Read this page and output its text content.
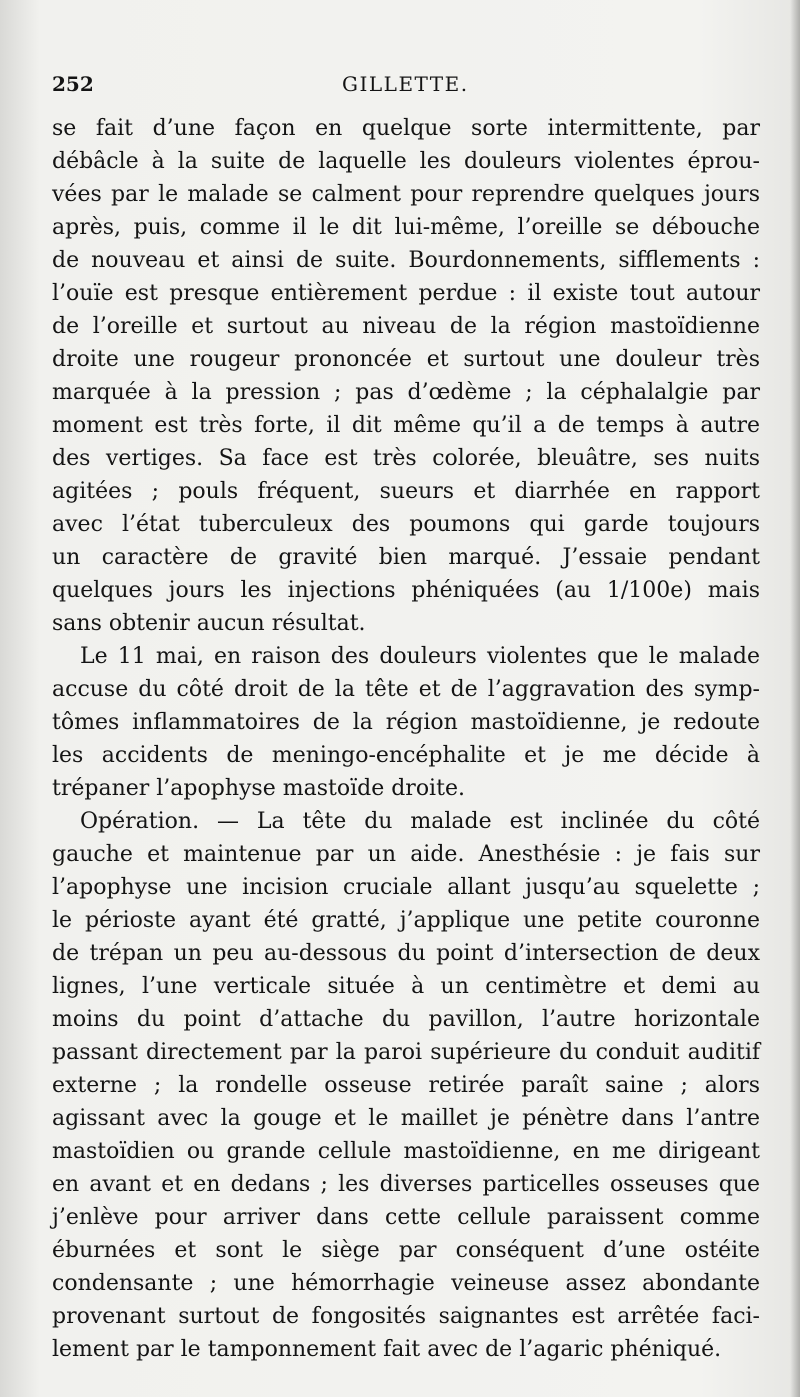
252	GILLETTE.
se fait d’une façon en quelque sorte intermittente, par
débâcle à la suite de laquelle les douleurs violentes éprou-
vées par le malade se calment pour reprendre quelques jours
après, puis, comme il le dit lui-même, l’oreille se débouche
de nouveau et ainsi de suite. Bourdonnements, sifflements :
l’ouïe est presque entièrement perdue : il existe tout autour
de l’oreille et surtout au niveau de la région mastoïdienne
droite une rougeur prononcée et surtout une douleur très
marquée à la pression ; pas d’œdème ; la céphalalgie par
moment est très forte, il dit même qu’il a de temps à autre
des vertiges. Sa face est très colorée, bleuâtre, ses nuits
agitées ; pouls fréquent, sueurs et diarrhée en rapport
avec l’état tuberculeux des poumons qui garde toujours
un caractère de gravité bien marqué. J’essaie pendant
quelques jours les injections phéniquées (au 1/100e) mais
sans obtenir aucun résultat.
Le 11 mai, en raison des douleurs violentes que le malade
accuse du côté droit de la tête et de l’aggravation des symp-
tômes inflammatoires de la région mastoïdienne, je redoute
les accidents de meningo-encéphalite et je me décide à
trépaner l’apophyse mastoïde droite.
Opération. — La tête du malade est inclinée du côté
gauche et maintenue par un aide. Anesthésie : je fais sur
l’apophyse une incision cruciale allant jusqu’au squelette ;
le périoste ayant été gratté, j’applique une petite couronne
de trépan un peu au-dessous du point d’intersection de deux
lignes, l’une verticale située à un centimètre et demi au
moins du point d’attache du pavillon, l’autre horizontale
passant directement par la paroi supérieure du conduit auditif
externe ; la rondelle osseuse retirée paraît saine ; alors
agissant avec la gouge et le maillet je pénètre dans l’antre
mastoïdien ou grande cellule mastoïdienne, en me dirigeant
en avant et en dedans ; les diverses particelles osseuses que
j’enlève pour arriver dans cette cellule paraissent comme
éburnées et sont le siège par conséquent d’une ostéite
condensante ; une hémorrhagie veineuse assez abondante
provenant surtout de fongosités saignantes est arrêtée faci-
lement par le tamponnement fait avec de l’agaric phéniqué.
